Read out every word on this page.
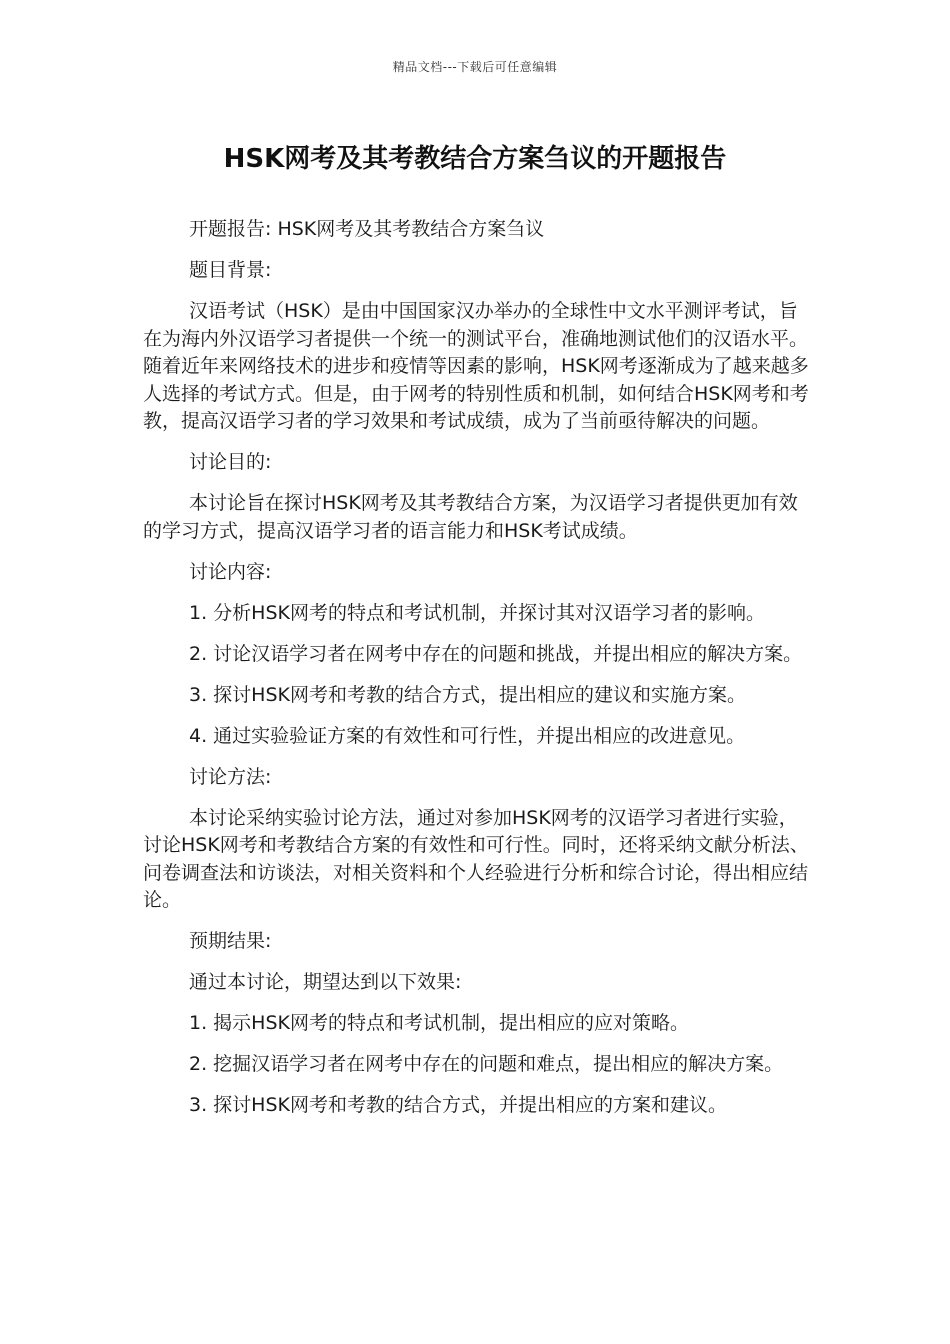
精品文档---下载后可任意编辑
HSK网考及其考教结合方案刍议的开题报告

开题报告: HSK网考及其考教结合方案刍议

题目背景:

汉语考试（HSK）是由中国国家汉办举办的全球性中文水平测评考试，旨在为海内外汉语学习者提供一个统一的测试平台，准确地测试他们的汉语水平。随着近年来网络技术的进步和疫情等因素的影响，HSK网考逐渐成为了越来越多人选择的考试方式。但是，由于网考的特别性质和机制，如何结合HSK网考和考教，提高汉语学习者的学习效果和考试成绩，成为了当前亟待解决的问题。

讨论目的:

本讨论旨在探讨HSK网考及其考教结合方案，为汉语学习者提供更加有效的学习方式，提高汉语学习者的语言能力和HSK考试成绩。

讨论内容:

1. 分析HSK网考的特点和考试机制，并探讨其对汉语学习者的影响。

2. 讨论汉语学习者在网考中存在的问题和挑战，并提出相应的解决方案。

3. 探讨HSK网考和考教的结合方式，提出相应的建议和实施方案。

4. 通过实验验证方案的有效性和可行性，并提出相应的改进意见。

讨论方法:

本讨论采纳实验讨论方法，通过对参加HSK网考的汉语学习者进行实验，讨论HSK网考和考教结合方案的有效性和可行性。同时，还将采纳文献分析法、问卷调查法和访谈法，对相关资料和个人经验进行分析和综合讨论，得出相应结论。

预期结果:

通过本讨论，期望达到以下效果:

1. 揭示HSK网考的特点和考试机制，提出相应的应对策略。

2. 挖掘汉语学习者在网考中存在的问题和难点，提出相应的解决方案。

3. 探讨HSK网考和考教的结合方式，并提出相应的方案和建议。
